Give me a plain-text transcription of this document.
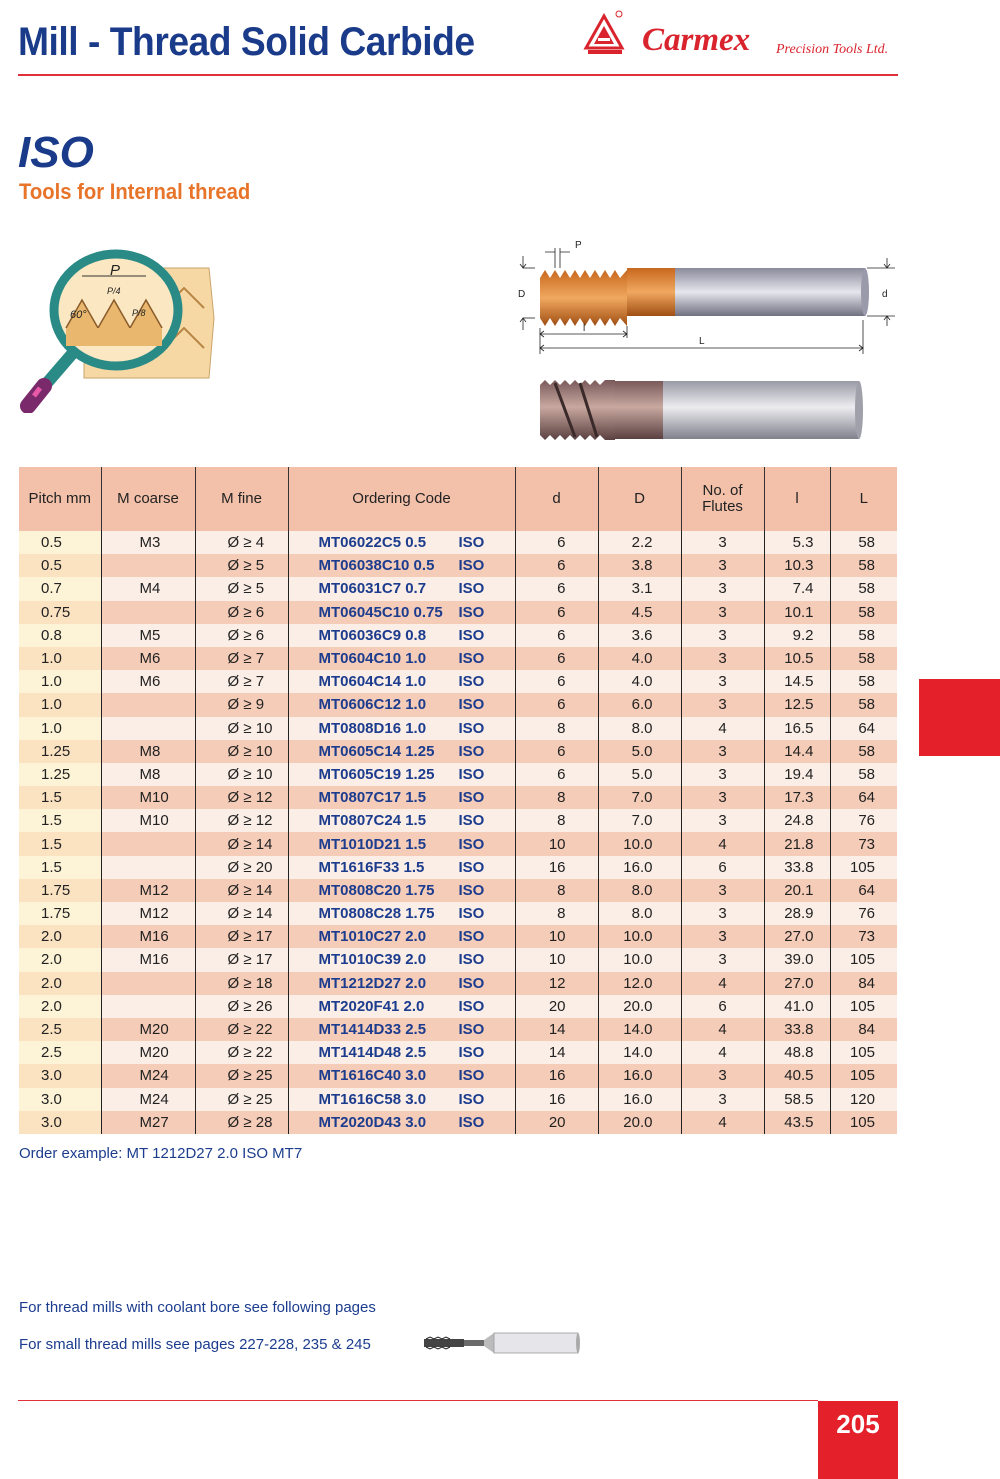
Mill - Thread Solid Carbide	Carmex Precision Tools Ltd.
ISO
Tools for Internal thread
P
P/4
P/8
60°
D	d
P
l
L
Pitch mm	M coarse	M fine	Ordering Code	d	D	No. of Flutes	l	L
0.5	M3	Ø ≥ 4	MT06022C5 0.5 ISO	6	2.2	3	5.3	58
0.5		Ø ≥ 5	MT06038C10 0.5 ISO	6	3.8	3	10.3	58
0.7	M4	Ø ≥ 5	MT06031C7 0.7 ISO	6	3.1	3	7.4	58
0.75		Ø ≥ 6	MT06045C10 0.75 ISO	6	4.5	3	10.1	58
0.8	M5	Ø ≥ 6	MT06036C9 0.8 ISO	6	3.6	3	9.2	58
1.0	M6	Ø ≥ 7	MT0604C10 1.0 ISO	6	4.0	3	10.5	58
1.0	M6	Ø ≥ 7	MT0604C14 1.0 ISO	6	4.0	3	14.5	58
1.0		Ø ≥ 9	MT0606C12 1.0 ISO	6	6.0	3	12.5	58
1.0		Ø ≥ 10	MT0808D16 1.0 ISO	8	8.0	4	16.5	64
1.25	M8	Ø ≥ 10	MT0605C14 1.25 ISO	6	5.0	3	14.4	58
1.25	M8	Ø ≥ 10	MT0605C19 1.25 ISO	6	5.0	3	19.4	58
1.5	M10	Ø ≥ 12	MT0807C17 1.5 ISO	8	7.0	3	17.3	64
1.5	M10	Ø ≥ 12	MT0807C24 1.5 ISO	8	7.0	3	24.8	76
1.5		Ø ≥ 14	MT1010D21 1.5 ISO	10	10.0	4	21.8	73
1.5		Ø ≥ 20	MT1616F33 1.5 ISO	16	16.0	6	33.8	105
1.75	M12	Ø ≥ 14	MT0808C20 1.75 ISO	8	8.0	3	20.1	64
1.75	M12	Ø ≥ 14	MT0808C28 1.75 ISO	8	8.0	3	28.9	76
2.0	M16	Ø ≥ 17	MT1010C27 2.0 ISO	10	10.0	3	27.0	73
2.0	M16	Ø ≥ 17	MT1010C39 2.0 ISO	10	10.0	3	39.0	105
2.0		Ø ≥ 18	MT1212D27 2.0 ISO	12	12.0	4	27.0	84
2.0		Ø ≥ 26	MT2020F41 2.0 ISO	20	20.0	6	41.0	105
2.5	M20	Ø ≥ 22	MT1414D33 2.5 ISO	14	14.0	4	33.8	84
2.5	M20	Ø ≥ 22	MT1414D48 2.5 ISO	14	14.0	4	48.8	105
3.0	M24	Ø ≥ 25	MT1616C40 3.0 ISO	16	16.0	3	40.5	105
3.0	M24	Ø ≥ 25	MT1616C58 3.0 ISO	16	16.0	3	58.5	120
3.0	M27	Ø ≥ 28	MT2020D43 3.0 ISO	20	20.0	4	43.5	105
Order example: MT 1212D27 2.0 ISO MT7
For thread mills with coolant bore see following pages
For small thread mills see pages 227-228, 235 & 245
205
